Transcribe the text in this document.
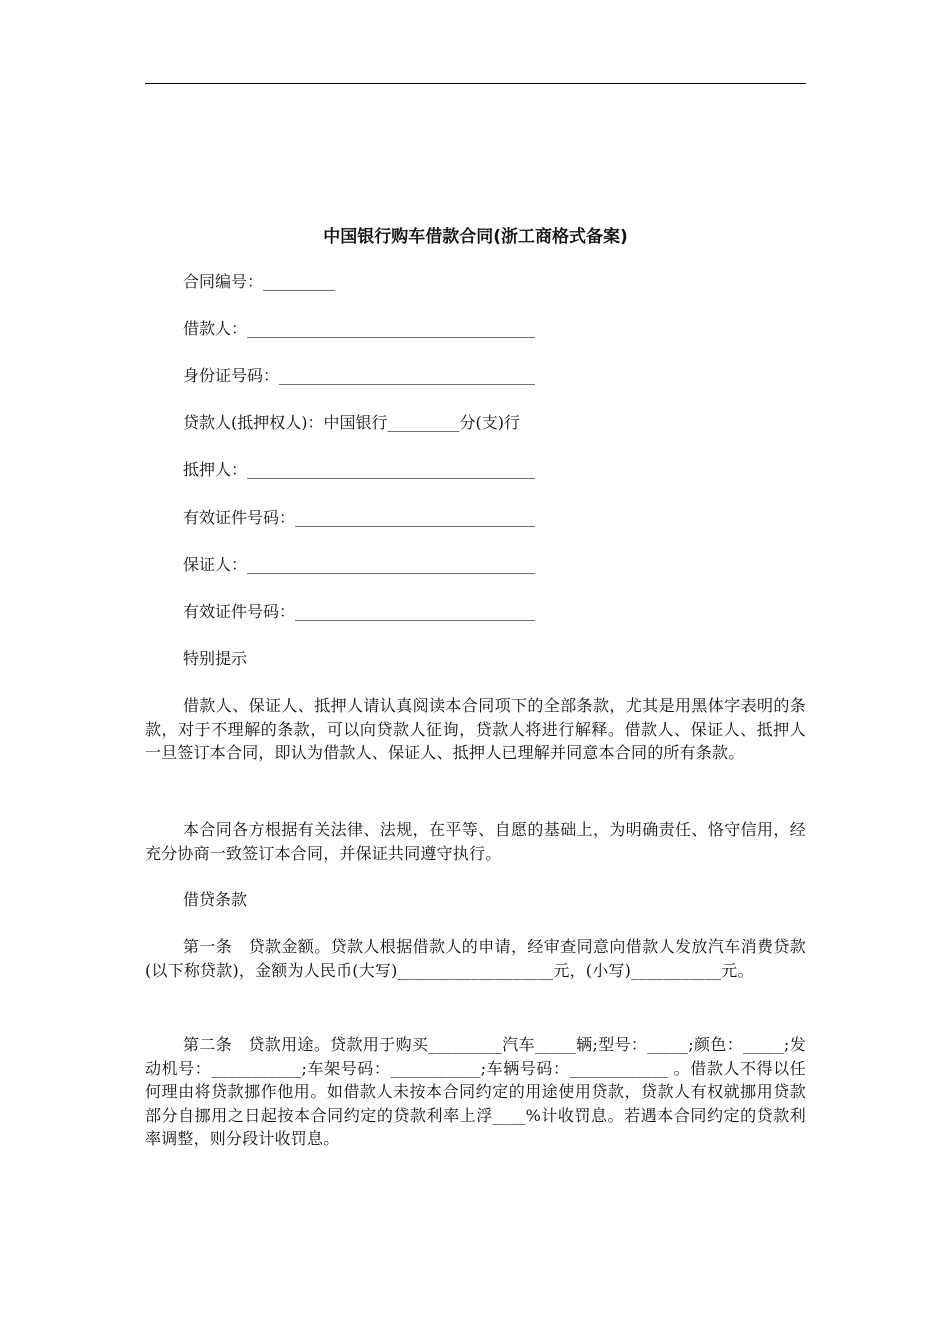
中国银行购车借款合同(浙工商格式备案)
合同编号：_________
借款人：____________________________________
身份证号码：________________________________
贷款人(抵押权人)：中国银行_________分(支)行
抵押人：____________________________________
有效证件号码：______________________________
保证人：____________________________________
有效证件号码：______________________________
特别提示

借款人、保证人、抵押人请认真阅读本合同项下的全部条款，尤其是用黑体字表明的条款，对于不理解的条款，可以向贷款人征询，贷款人将进行解释。借款人、保证人、抵押人一旦签订本合同，即认为借款人、保证人、抵押人已理解并同意本合同的所有条款。

本合同各方根据有关法律、法规，在平等、自愿的基础上，为明确责任、恪守信用，经充分协商一致签订本合同，并保证共同遵守执行。

借贷条款

第一条　贷款金额。贷款人根据借款人的申请，经审查同意向借款人发放汽车消费贷款(以下称贷款)，金额为人民币(大写)___________________元，(小写)___________元。

第二条　贷款用途。贷款用于购买_________汽车_____辆;型号：_____;颜色：_____;发动机号：___________;车架号码：___________;车辆号码：____________ 。借款人不得以任何理由将贷款挪作他用。如借款人未按本合同约定的用途使用贷款，贷款人有权就挪用贷款部分自挪用之日起按本合同约定的贷款利率上浮____%计收罚息。若遇本合同约定的贷款利率调整，则分段计收罚息。
